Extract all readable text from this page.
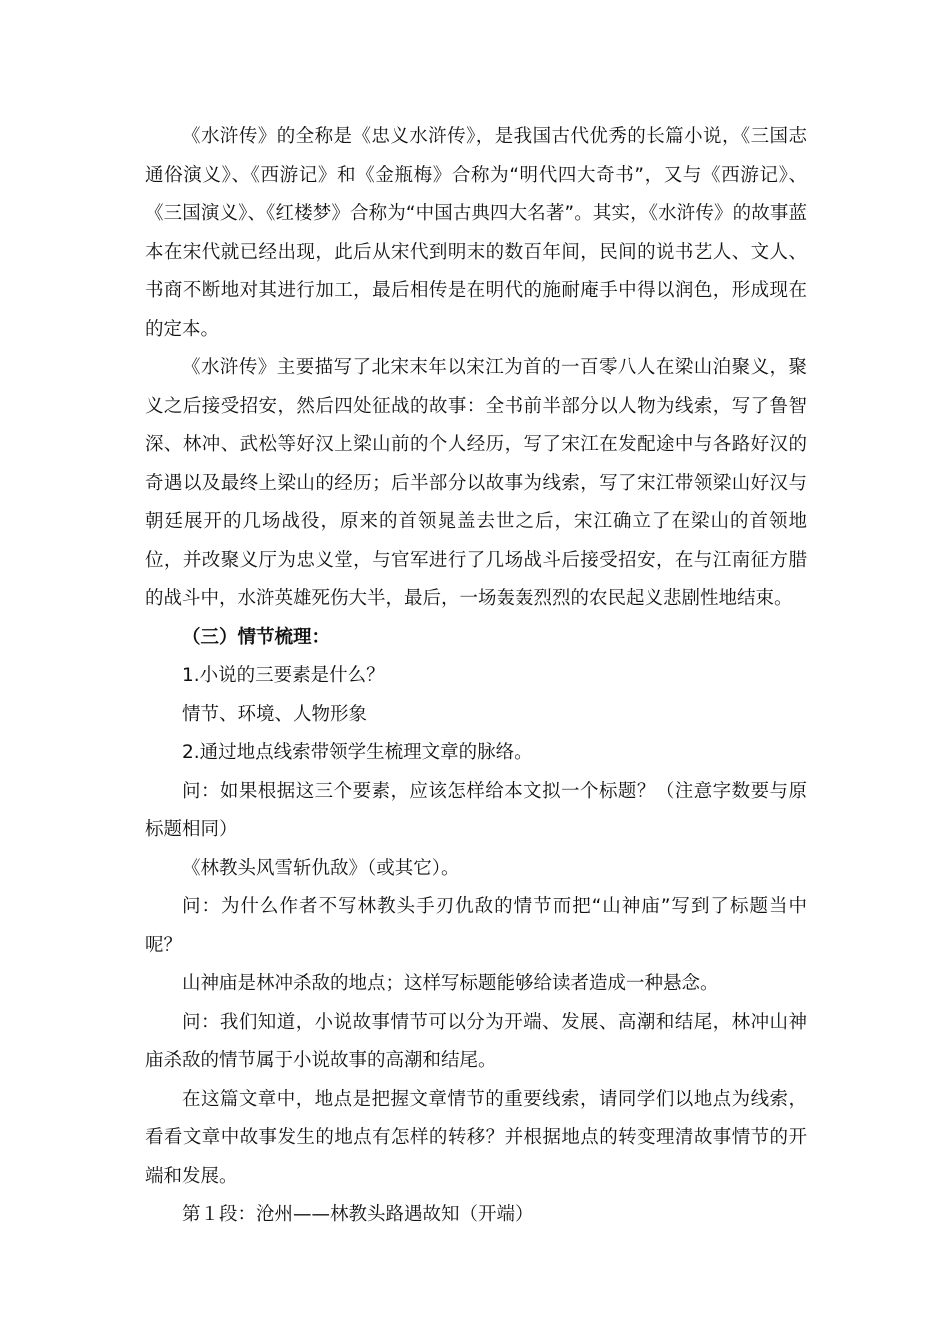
《水浒传》的全称是《忠义水浒传》，是我国古代优秀的长篇小说，《三国志通俗演义》、《西游记》和《金瓶梅》合称为“明代四大奇书”，又与《西游记》、《三国演义》、《红楼梦》合称为“中国古典四大名著”。其实，《水浒传》的故事蓝本在宋代就已经出现，此后从宋代到明末的数百年间，民间的说书艺人、文人、书商不断地对其进行加工，最后相传是在明代的施耐庵手中得以润色，形成现在的定本。

《水浒传》主要描写了北宋末年以宋江为首的一百零八人在梁山泊聚义，聚义之后接受招安，然后四处征战的故事：全书前半部分以人物为线索，写了鲁智深、林冲、武松等好汉上梁山前的个人经历，写了宋江在发配途中与各路好汉的奇遇以及最终上梁山的经历；后半部分以故事为线索，写了宋江带领梁山好汉与朝廷展开的几场战役，原来的首领晁盖去世之后，宋江确立了在梁山的首领地位，并改聚义厅为忠义堂，与官军进行了几场战斗后接受招安，在与江南征方腊的战斗中，水浒英雄死伤大半，最后，一场轰轰烈烈的农民起义悲剧性地结束。

（三）情节梳理：

1.小说的三要素是什么？

情节、环境、人物形象

2.通过地点线索带领学生梳理文章的脉络。

问：如果根据这三个要素，应该怎样给本文拟一个标题？（注意字数要与原标题相同）

《林教头风雪斩仇敌》（或其它）。

问：为什么作者不写林教头手刃仇敌的情节而把“山神庙”写到了标题当中呢？

山神庙是林冲杀敌的地点；这样写标题能够给读者造成一种悬念。

问：我们知道，小说故事情节可以分为开端、发展、高潮和结尾，林冲山神庙杀敌的情节属于小说故事的高潮和结尾。

在这篇文章中，地点是把握文章情节的重要线索，请同学们以地点为线索，看看文章中故事发生的地点有怎样的转移？并根据地点的转变理清故事情节的开端和发展。

第１段：沧州——林教头路遇故知（开端）
